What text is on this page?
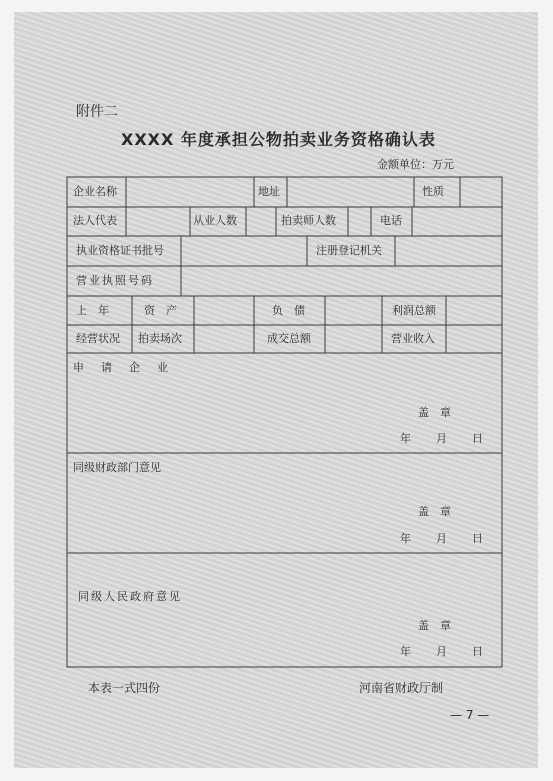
附件二
XXXX 年度承担公物拍卖业务资格确认表
金额单位：万元
企业名称	地址	性质
法人代表	从业人数	拍卖师人数	电话
执业资格证书批号	注册登记机关
营业执照号码
上　年	资　产	负　债	利润总额
经营状况 拍卖场次	成交总额	营业收入
申　请　企　业
盖　章
年 月 日
同级财政部门意见
盖　章
年 月 日
同级人民政府意见
盖　章
年 月 日
本表一式四份	河南省财政厅制
— 7 —
